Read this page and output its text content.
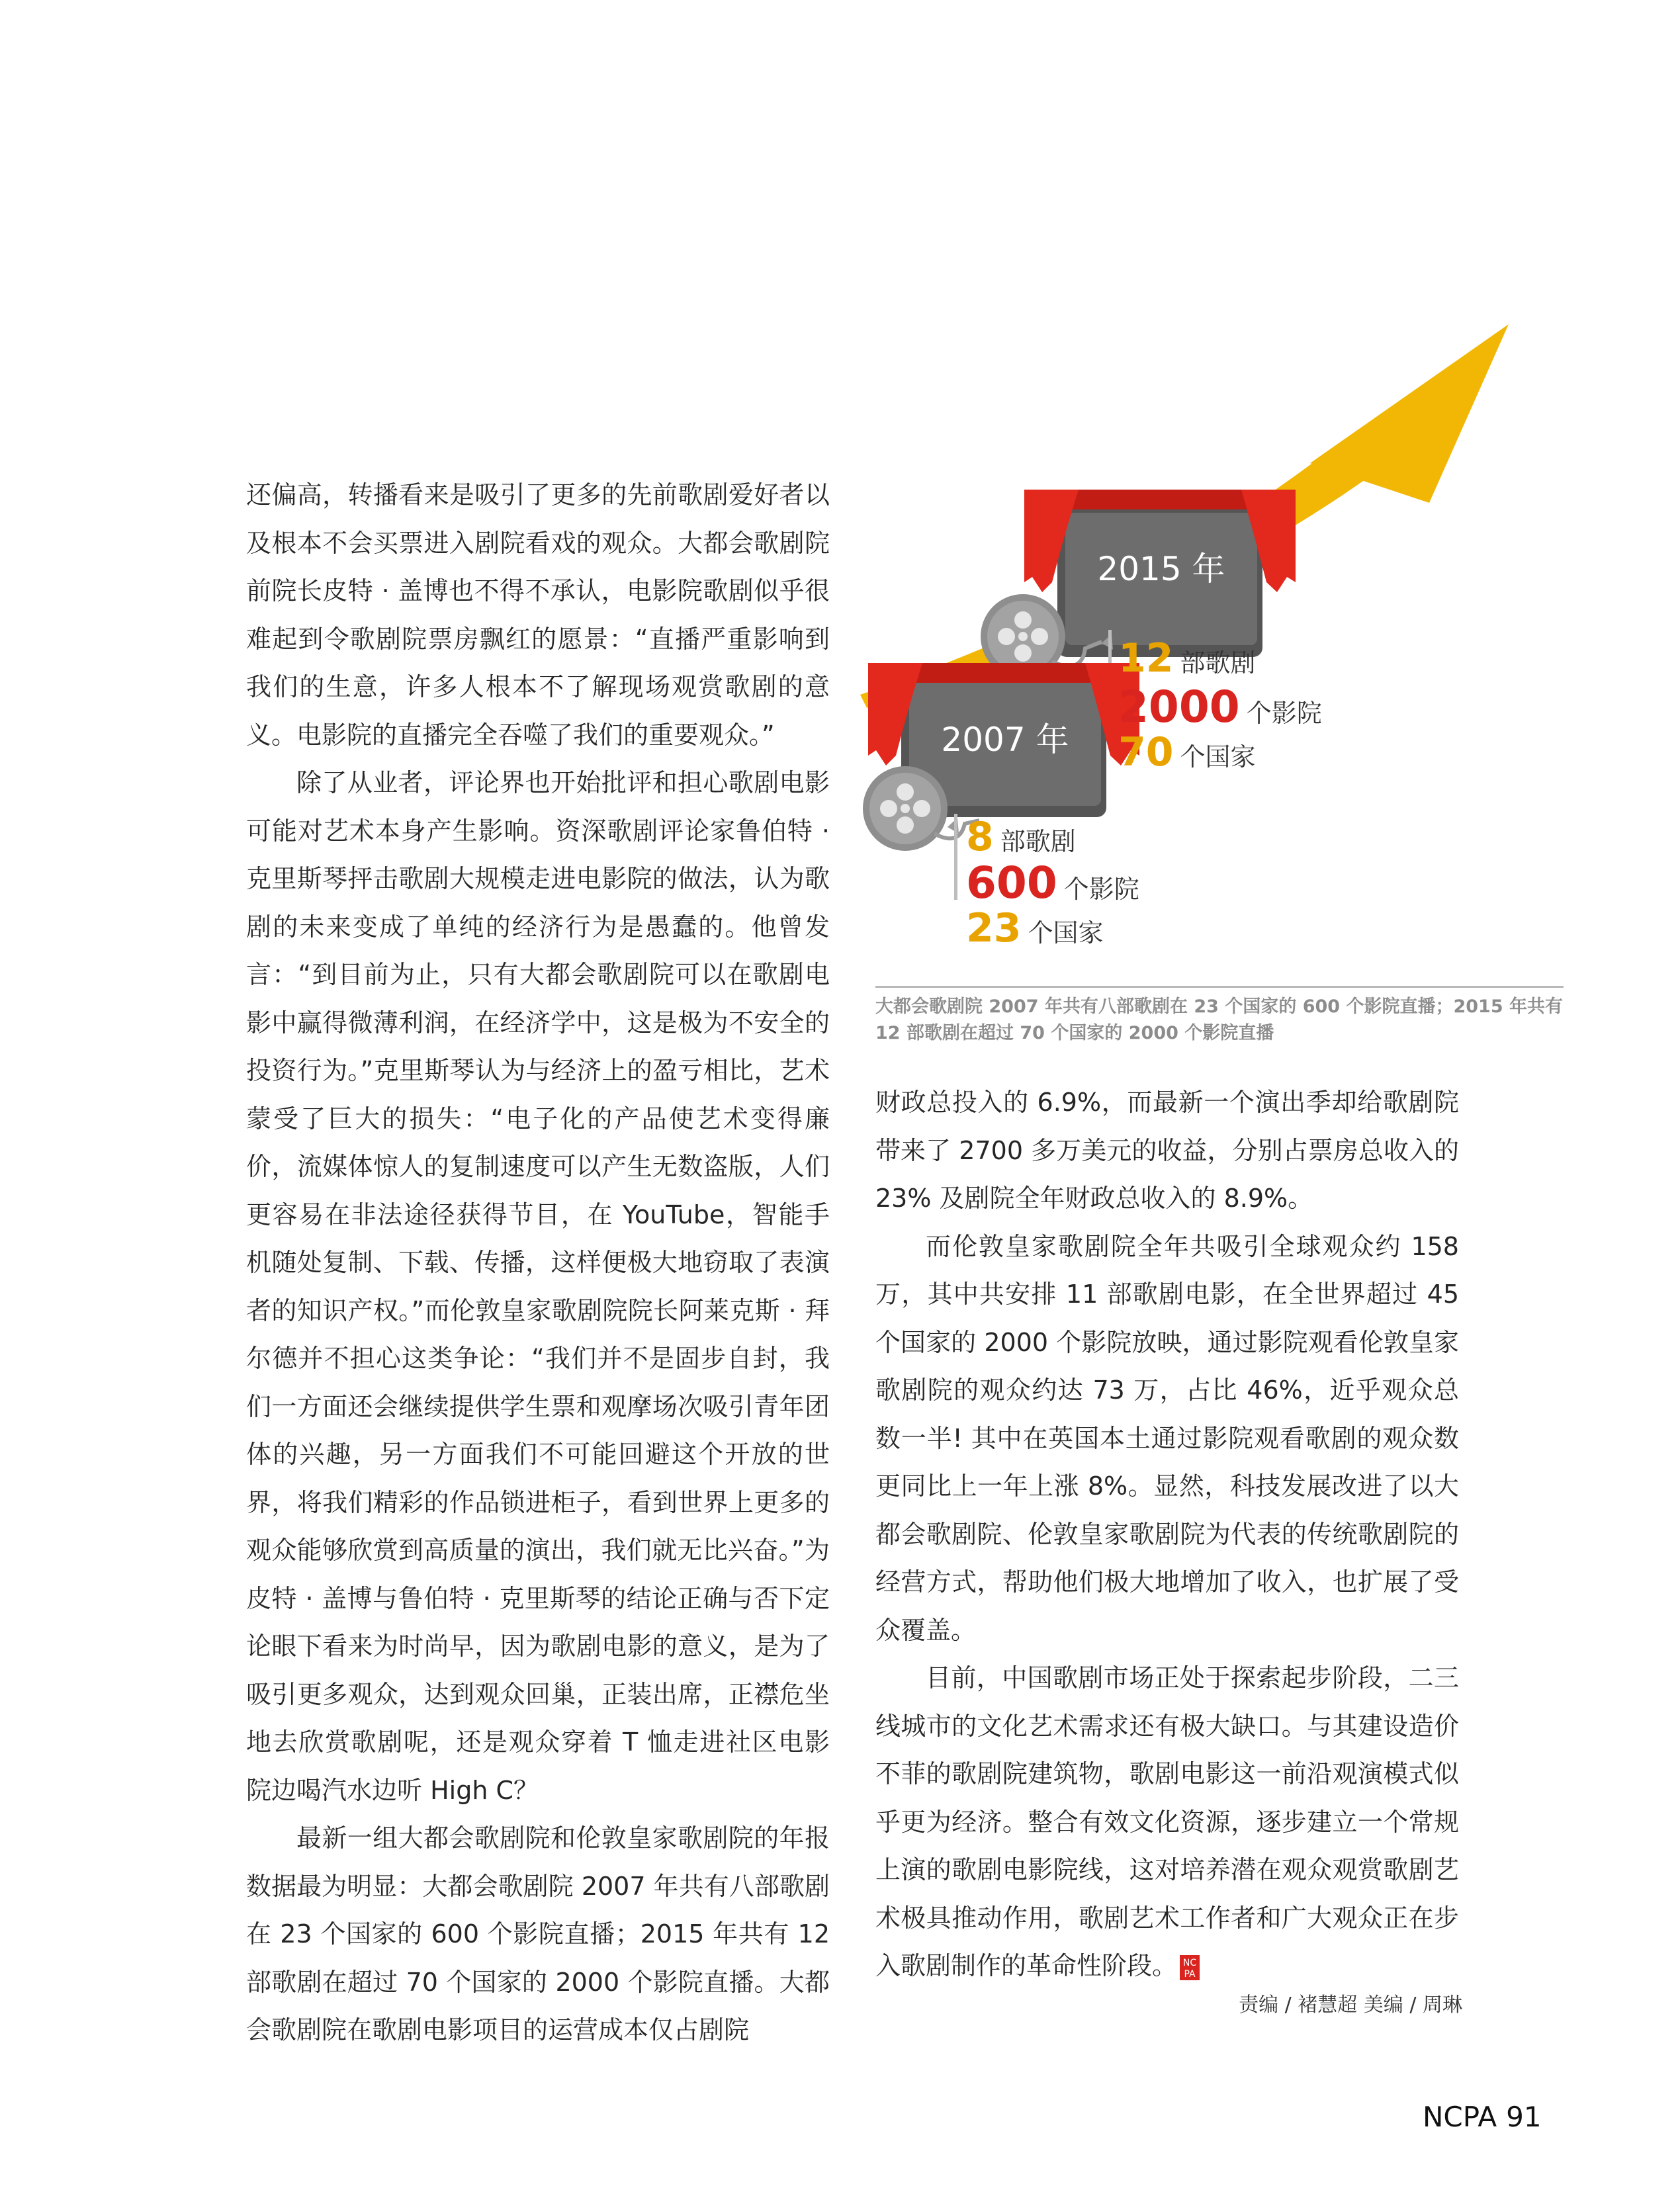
还偏高，转播看来是吸引了更多的先前歌剧爱好者以及根本不会买票进入剧院看戏的观众。大都会歌剧院前院长皮特 · 盖博也不得不承认，电影院歌剧似乎很难起到令歌剧院票房飘红的愿景：“直播严重影响到我们的生意，许多人根本不了解现场观赏歌剧的意义。电影院的直播完全吞噬了我们的重要观众。”

除了从业者，评论界也开始批评和担心歌剧电影可能对艺术本身产生影响。资深歌剧评论家鲁伯特 · 克里斯琴抨击歌剧大规模走进电影院的做法，认为歌剧的未来变成了单纯的经济行为是愚蠢的。他曾发言：“到目前为止，只有大都会歌剧院可以在歌剧电影中赢得微薄利润，在经济学中，这是极为不安全的投资行为。”克里斯琴认为与经济上的盈亏相比，艺术蒙受了巨大的损失：“电子化的产品使艺术变得廉价，流媒体惊人的复制速度可以产生无数盗版，人们更容易在非法途径获得节目，在 YouTube，智能手机随处复制、下载、传播，这样便极大地窃取了表演者的知识产权。”而伦敦皇家歌剧院院长阿莱克斯 · 拜尔德并不担心这类争论：“我们并不是固步自封，我们一方面还会继续提供学生票和观摩场次吸引青年团体的兴趣，另一方面我们不可能回避这个开放的世界，将我们精彩的作品锁进柜子，看到世界上更多的观众能够欣赏到高质量的演出，我们就无比兴奋。”为皮特 · 盖博与鲁伯特 · 克里斯琴的结论正确与否下定论眼下看来为时尚早，因为歌剧电影的意义，是为了吸引更多观众，达到观众回巢，正装出席，正襟危坐地去欣赏歌剧呢，还是观众穿着 T 恤走进社区电影院边喝汽水边听 High C？

最新一组大都会歌剧院和伦敦皇家歌剧院的年报数据最为明显：大都会歌剧院 2007 年共有八部歌剧在 23 个国家的 600 个影院直播；2015 年共有 12 部歌剧在超过 70 个国家的 2000 个影院直播。大都会歌剧院在歌剧电影项目的运营成本仅占剧院

2015 年
2007 年
12 部歌剧
2000 个影院
70 个国家
8 部歌剧
600 个影院
23 个国家
大都会歌剧院 2007 年共有八部歌剧在 23 个国家的 600 个影院直播；2015 年共有 12 部歌剧在超过 70 个国家的 2000 个影院直播

财政总投入的 6.9%，而最新一个演出季却给歌剧院带来了 2700 多万美元的收益，分别占票房总收入的 23% 及剧院全年财政总收入的 8.9%。

而伦敦皇家歌剧院全年共吸引全球观众约 158 万，其中共安排 11 部歌剧电影，在全世界超过 45 个国家的 2000 个影院放映，通过影院观看伦敦皇家歌剧院的观众约达 73 万，占比 46%，近乎观众总数一半! 其中在英国本土通过影院观看歌剧的观众数更同比上一年上涨 8%。显然，科技发展改进了以大都会歌剧院、伦敦皇家歌剧院为代表的传统歌剧院的经营方式，帮助他们极大地增加了收入，也扩展了受众覆盖。

目前，中国歌剧市场正处于探索起步阶段，二三线城市的文化艺术需求还有极大缺口。与其建设造价不菲的歌剧院建筑物，歌剧电影这一前沿观演模式似乎更为经济。整合有效文化资源，逐步建立一个常规上演的歌剧电影院线，这对培养潜在观众观赏歌剧艺术极具推动作用，歌剧艺术工作者和广大观众正在步入歌剧制作的革命性阶段。 NC
PA

责编 / 褚慧超 美编 / 周琳
NCPA 91
